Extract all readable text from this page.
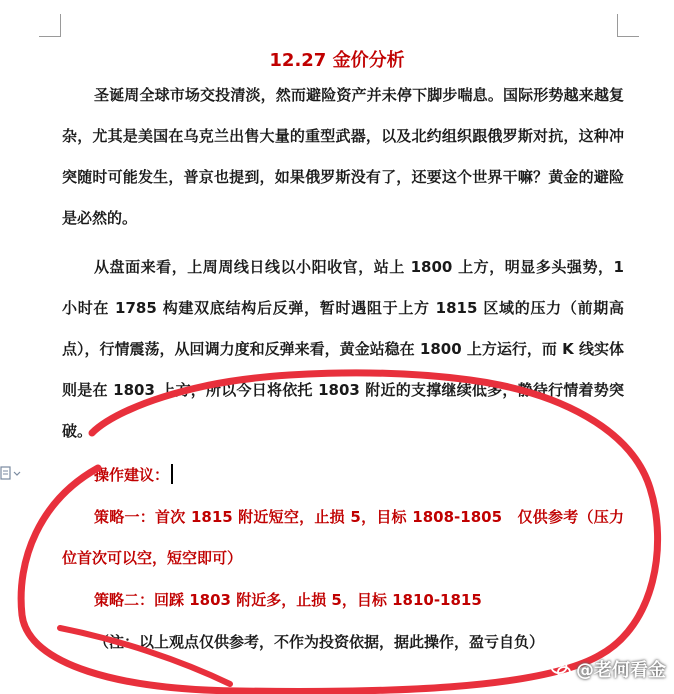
12.27 金价分析

圣诞周全球市场交投清淡，然而避险资产并未停下脚步喘息。国际形势越来越复杂，尤其是美国在乌克兰出售大量的重型武器，以及北约组织跟俄罗斯对抗，这种冲突随时可能发生，普京也提到，如果俄罗斯没有了，还要这个世界干嘛？黄金的避险是必然的。

从盘面来看，上周周线日线以小阳收官，站上 1800 上方，明显多头强势，1 小时在 1785 构建双底结构后反弹，暂时遇阻于上方 1815 区域的压力（前期高点），行情震荡，从回调力度和反弹来看，黄金站稳在 1800 上方运行，而 K 线实体则是在 1803 上方，所以今日将依托 1803 附近的支撑继续低多，静待行情着势突破。

操作建议：

策略一：首次 1815 附近短空，止损 5，目标 1808-1805　仅供参考（压力位首次可以空，短空即可）

策略二：回踩 1803 附近多，止损 5，目标 1810-1815

（注：以上观点仅供参考，不作为投资依据，据此操作，盈亏自负）

@老何看金
